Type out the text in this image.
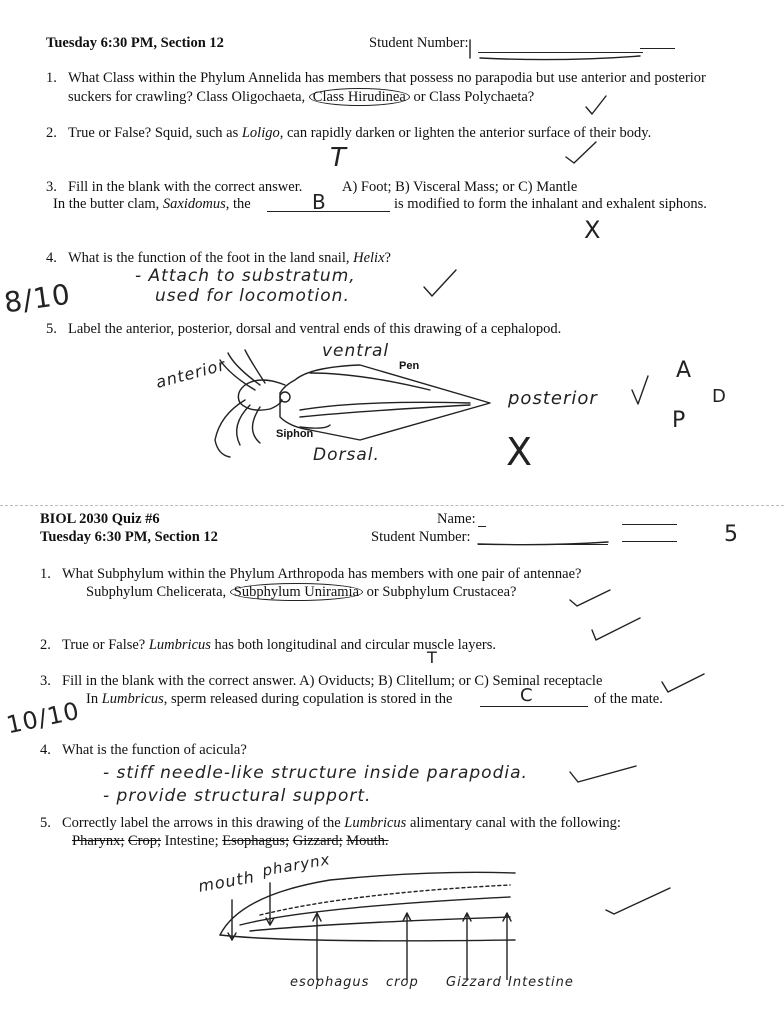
Tuesday 6:30 PM, Section 12	Student Number:
1. What Class within the Phylum Annelida has members that possess no parapodia but use anterior and posterior
suckers for crawling? Class Oligochaeta, Class Hirudinea or Class Polychaeta?
2. True or False? Squid, such as Loligo, can rapidly darken or lighten the anterior surface of their body.
T
3. Fill in the blank with the correct answer.	A) Foot; B) Visceral Mass; or C) Mantle
In the butter clam, Saxidomus, the	B	is modified to form the inhalant and exhalent siphons.
X
4. What is the function of the foot in the land snail, Helix?
- Attach to substratum,
used for locomotion.
8/10
5. Label the anterior, posterior, dorsal and ventral ends of this drawing of a cephalopod.
Pen
Siphon
anterior
ventral
posterior
Dorsal.	X
A
D
P
BIOL 2030 Quiz #6
Tuesday 6:30 PM, Section 12
Name:
Student Number:	5
1. What Subphylum within the Phylum Arthropoda has members with one pair of antennae?
Subphylum Chelicerata, Subphylum Uniramia or Subphylum Crustacea?
2. True or False? Lumbricus has both longitudinal and circular muscle layers.
T
3. Fill in the blank with the correct answer. A) Oviducts; B) Clitellum; or C) Seminal receptacle
In Lumbricus, sperm released during copulation is stored in the	C	of the mate.
10/10
4. What is the function of acicula?
- stiff needle-like structure inside parapodia.
- provide structural support.
5. Correctly label the arrows in this drawing of the Lumbricus alimentary canal with the following:
Pharynx; Crop; Intestine; Esophagus; Gizzard; Mouth.
mouth
pharynx
esophagus crop Gizzard Intestine
